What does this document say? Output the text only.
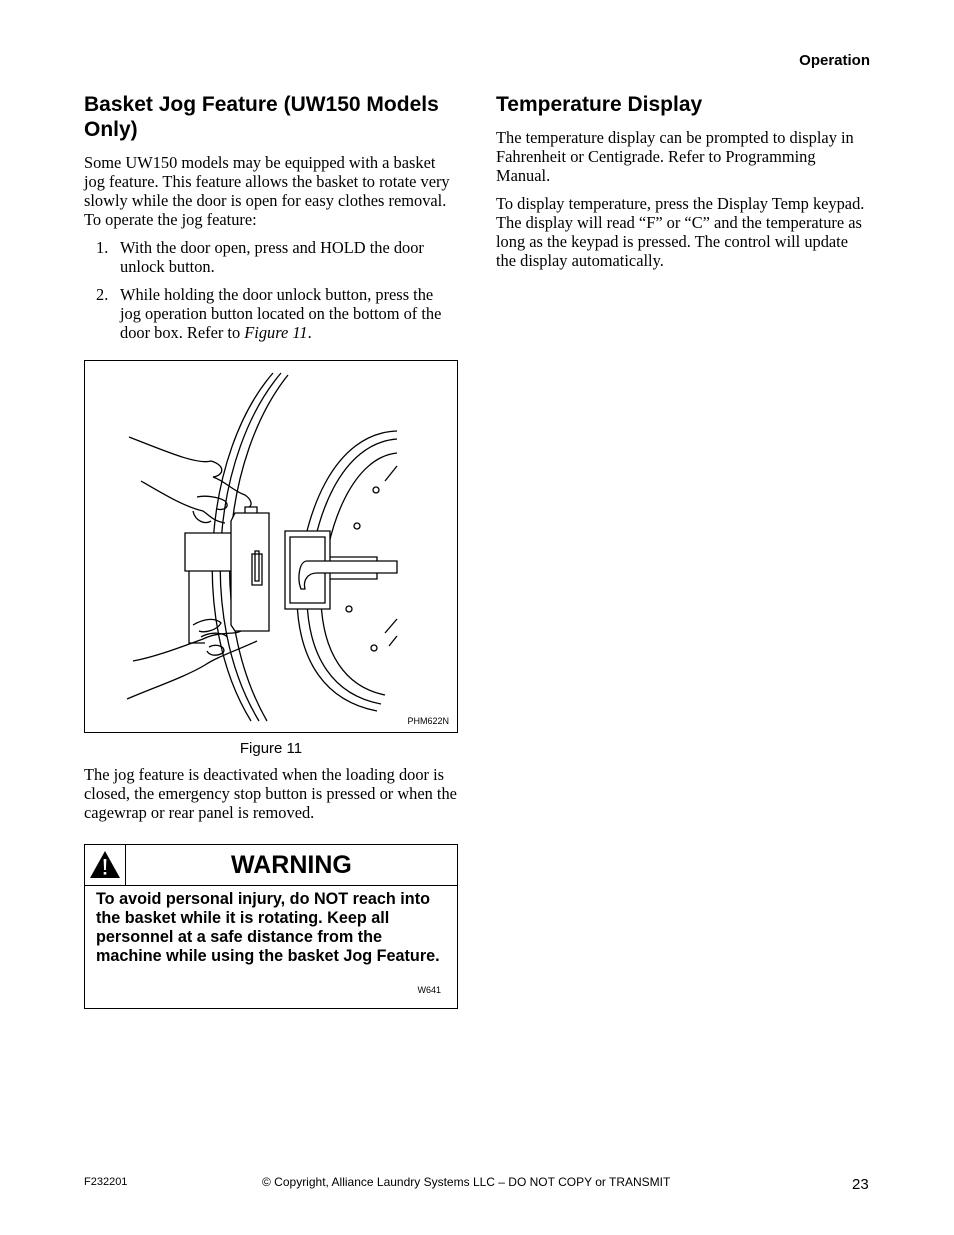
Operation
Basket Jog Feature (UW150 Models Only)

Some UW150 models may be equipped with a basket jog feature. This feature allows the basket to rotate very slowly while the door is open for easy clothes removal. To operate the jog feature:

1. With the door open, press and HOLD the door unlock button.
2. While holding the door unlock button, press the jog operation button located on the bottom of the door box. Refer to Figure 11.
PHM622N
Figure 11

The jog feature is deactivated when the loading door is closed, the emergency stop button is pressed or when the cagewrap or rear panel is removed.

WARNING
To avoid personal injury, do NOT reach into the basket while it is rotating. Keep all personnel at a safe distance from the machine while using the basket Jog Feature.
W641
Temperature Display

The temperature display can be prompted to display in Fahrenheit or Centigrade. Refer to Programming Manual.

To display temperature, press the Display Temp keypad. The display will read “F” or “C” and the temperature as long as the keypad is pressed. The control will update the display automatically.

F232201	© Copyright, Alliance Laundry Systems LLC – DO NOT COPY or TRANSMIT	23
